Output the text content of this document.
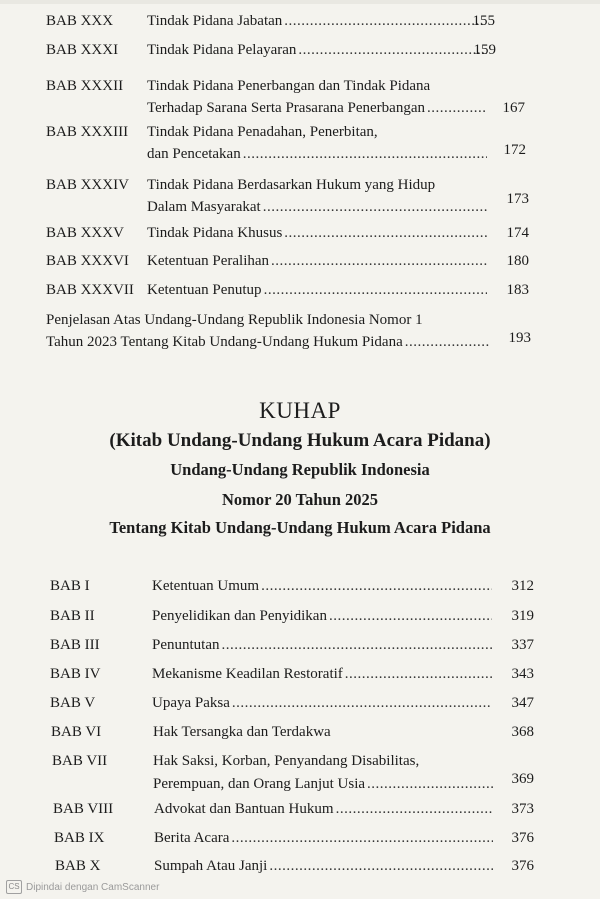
BAB XXX Tindak Pidana Jabatan .....	155
BAB XXXI Tindak Pidana Pelayaran .....	159
BAB XXXII Tindak Pidana Penerbangan dan Tindak Pidana
Terhadap Sarana Serta Prasarana Penerbangan .....	167
BAB XXXIII Tindak Pidana Penadahan, Penerbitan,
dan Pencetakan .....	172
BAB XXXIV Tindak Pidana Berdasarkan Hukum yang Hidup
Dalam Masyarakat .....	173
BAB XXXV Tindak Pidana Khusus .....	174
BAB XXXVI Ketentuan Peralihan .....	180
BAB XXXVII Ketentuan Penutup .....	183
Penjelasan Atas Undang-Undang Republik Indonesia Nomor 1
Tahun 2023 Tentang Kitab Undang-Undang Hukum Pidana .....	193
KUHAP
(Kitab Undang-Undang Hukum Acara Pidana)
Undang-Undang Republik Indonesia
Nomor 20 Tahun 2025
Tentang Kitab Undang-Undang Hukum Acara Pidana
BAB I	Ketentuan Umum .....	312
BAB II	Penyelidikan dan Penyidikan .....	319
BAB III	Penuntutan .....	337
BAB IV	Mekanisme Keadilan Restoratif .....	343
BAB V	Upaya Paksa .....	347
BAB VI	Hak Tersangka dan Terdakwa	368
BAB VII	Hak Saksi, Korban, Penyandang Disabilitas,
Perempuan, dan Orang Lanjut Usia .....	369
BAB VIII	Advokat dan Bantuan Hukum .....	373
BAB IX	Berita Acara .....	376
BAB X	Sumpah Atau Janji .....	376
CS Dipindai dengan CamScanner
